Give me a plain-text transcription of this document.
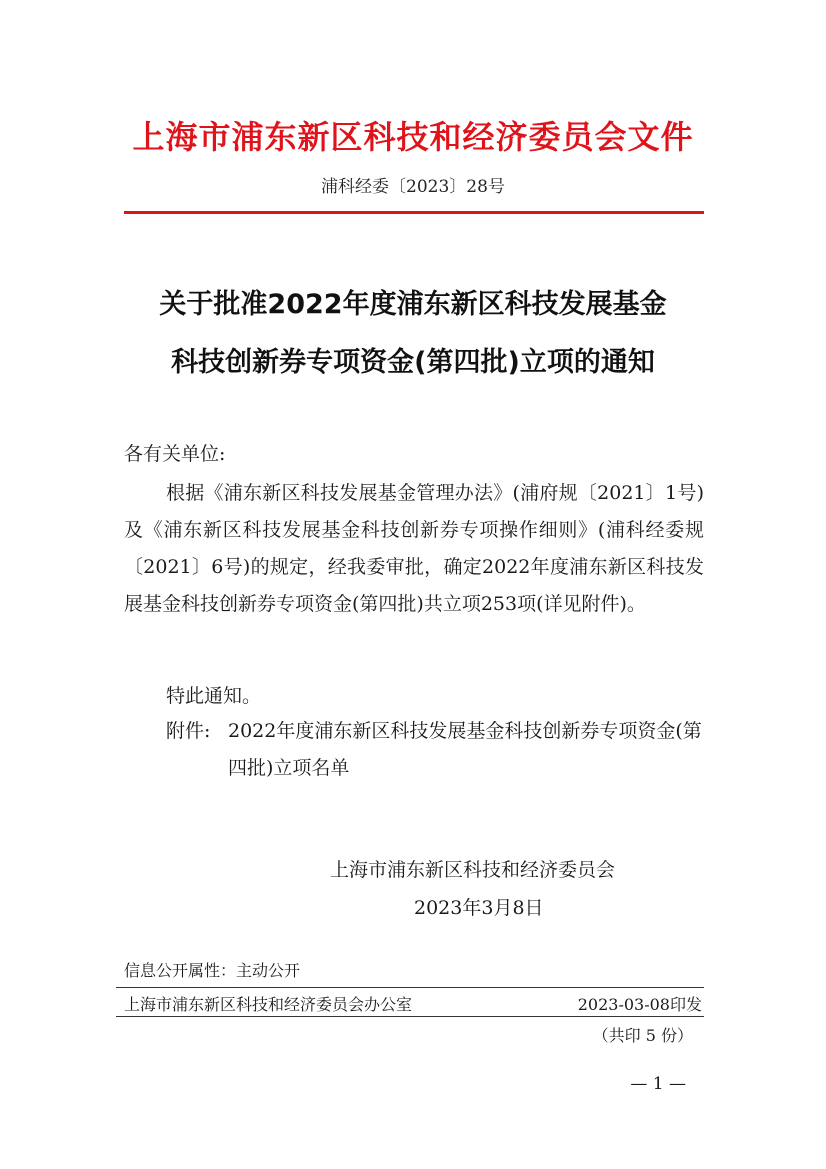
上海市浦东新区科技和经济委员会文件
浦科经委〔2023〕28号
关于批准2022年度浦东新区科技发展基金
科技创新券专项资金(第四批)立项的通知
各有关单位:
根据《浦东新区科技发展基金管理办法》(浦府规〔2021〕1号)及《浦东新区科技发展基金科技创新券专项操作细则》(浦科经委规〔2021〕6号)的规定，经我委审批，确定2022年度浦东新区科技发展基金科技创新券专项资金(第四批)共立项253项(详见附件)。
特此通知。
附件: 2022年度浦东新区科技发展基金科技创新券专项资金(第四批)立项名单
上海市浦东新区科技和经济委员会
2023年3月8日
信息公开属性：主动公开
上海市浦东新区科技和经济委员会办公室	2023-03-08印发
（共印 5 份）
— 1 —
